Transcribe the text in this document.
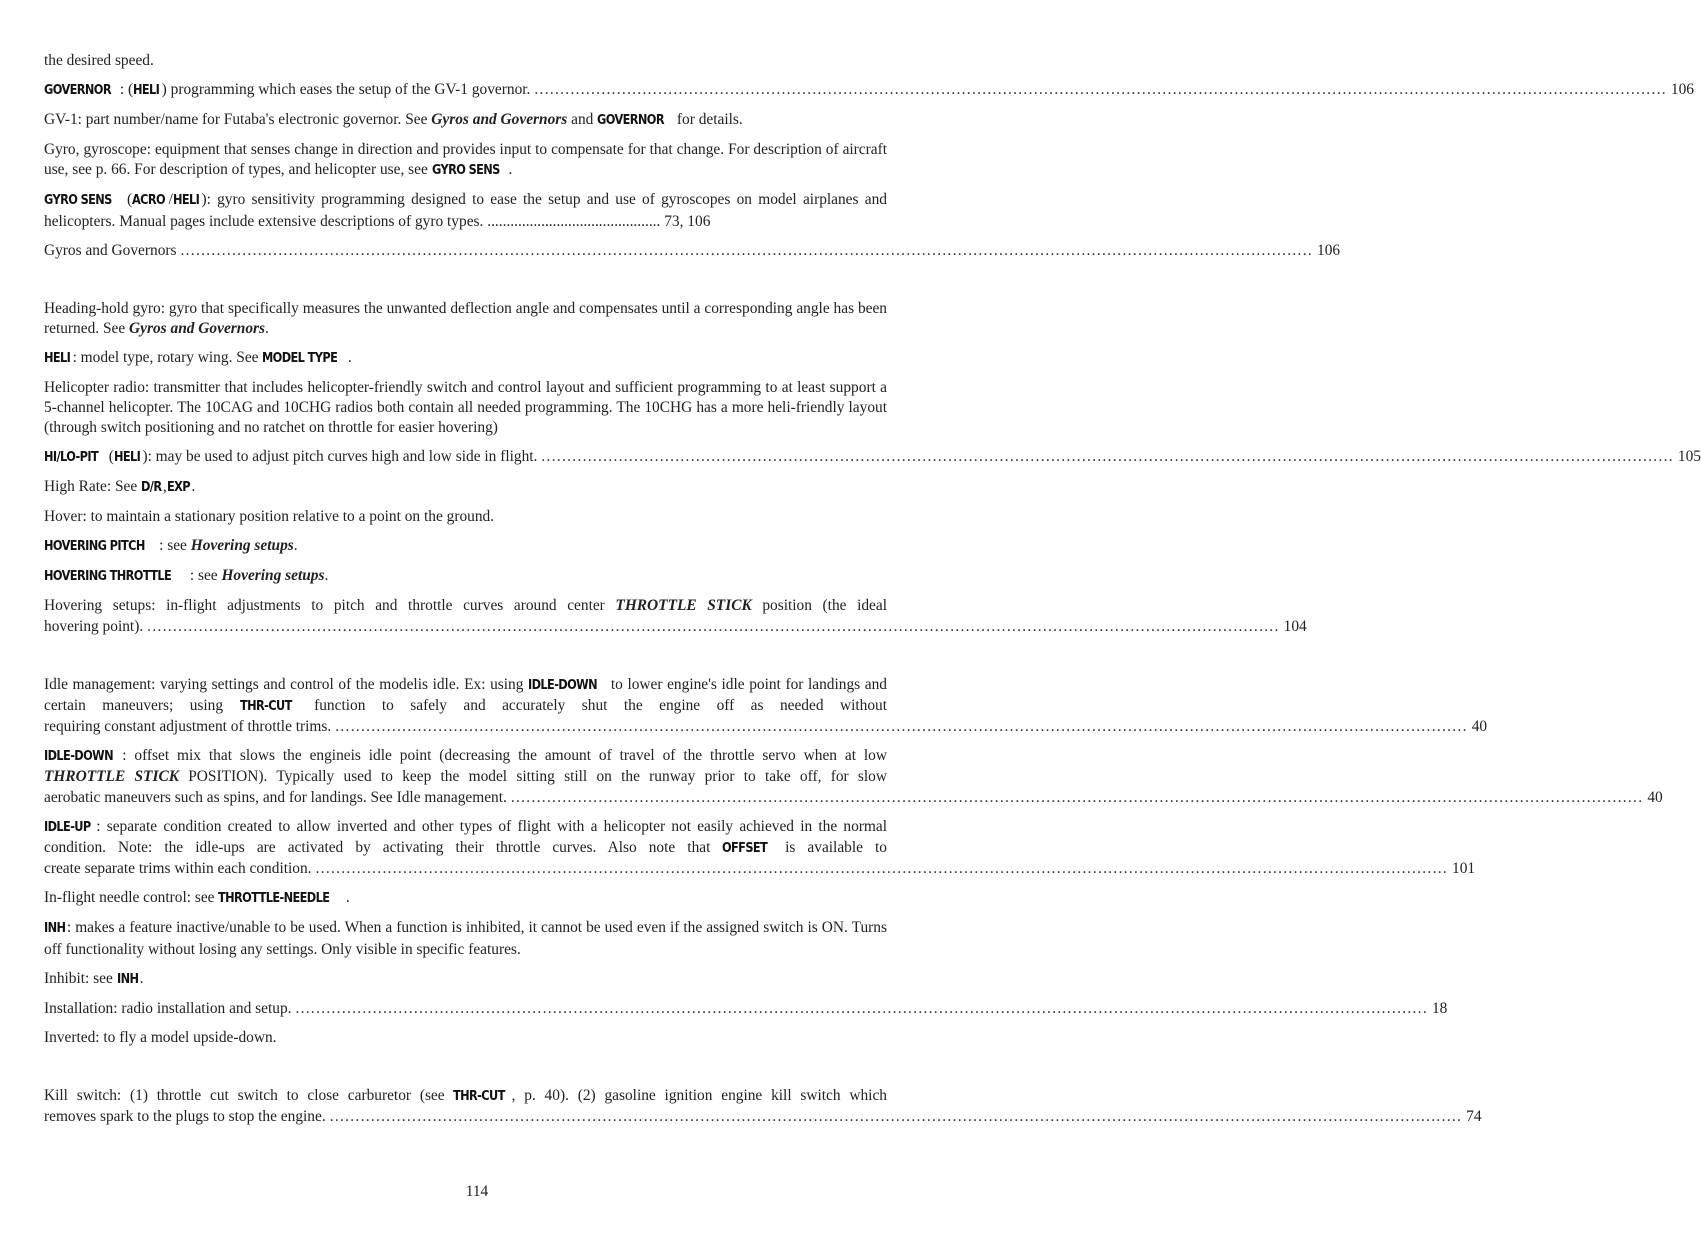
the desired speed.

GOVERNOR : (HELI ) programming which eases the setup of the GV-1 governor. ............................................................................................................................................................................................................................ 106

GV-1: part number/name for Futaba's electronic governor. See Gyros and Governors and GOVERNOR for details.

Gyro, gyroscope: equipment that senses change in direction and provides input to compensate for that change. For description of aircraft use, see p. 66. For description of types, and helicopter use, see GYRO SENS .

GYRO SENS (ACRO /HELI ): gyro sensitivity programming designed to ease the setup and use of gyroscopes on model airplanes and helicopters. Manual pages include extensive descriptions of gyro types. ............................................. 73, 106

Gyros and Governors ............................................................................................................................................................................................................................ 106

Heading-hold gyro: gyro that specifically measures the unwanted deflection angle and compensates until a corresponding angle has been returned. See Gyros and Governors.

HELI : model type, rotary wing. See MODEL TYPE .

Helicopter radio: transmitter that includes helicopter-friendly switch and control layout and sufficient programming to at least support a 5-channel helicopter. The 10CAG and 10CHG radios both contain all needed programming. The 10CHG has a more heli-friendly layout (through switch positioning and no ratchet on throttle for easier hovering)

HI/LO-PIT (HELI ): may be used to adjust pitch curves high and low side in flight. ............................................................................................................................................................................................................................ 105

High Rate: See D/R,EXP .

Hover: to maintain a stationary position relative to a point on the ground.

HOVERING PITCH : see Hovering setups.

HOVERING THROTTLE : see Hovering setups.

Hovering setups: in-flight adjustments to pitch and throttle curves around center THROTTLE STICK position (the ideal
hovering point). ............................................................................................................................................................................................................................ 104

Idle management: varying settings and control of the modelis idle. Ex: using IDLE-DOWN to lower engine's idle point for landings and certain maneuvers; using THR-CUT function to safely and accurately shut the engine off as needed without
requiring constant adjustment of throttle trims. ............................................................................................................................................................................................................................ 40

IDLE-DOWN : offset mix that slows the engineis idle point (decreasing the amount of travel of the throttle servo when at low THROTTLE STICK POSITION). Typically used to keep the model sitting still on the runway prior to take off, for slow
aerobatic maneuvers such as spins, and for landings. See Idle management. ............................................................................................................................................................................................................................ 40

IDLE-UP : separate condition created to allow inverted and other types of flight with a helicopter not easily achieved in the normal condition. Note: the idle-ups are activated by activating their throttle curves. Also note that OFFSET is available to
create separate trims within each condition. ............................................................................................................................................................................................................................ 101

In-flight needle control: see THROTTLE-NEEDLE .

INH: makes a feature inactive/unable to be used. When a function is inhibited, it cannot be used even if the assigned switch is ON. Turns off functionality without losing any settings. Only visible in specific features.

Inhibit: see INH.

Installation: radio installation and setup. ............................................................................................................................................................................................................................ 18

Inverted: to fly a model upside-down.

Kill switch: (1) throttle cut switch to close carburetor (see THR-CUT , p. 40). (2) gasoline ignition engine kill switch which
removes spark to the plugs to stop the engine. ............................................................................................................................................................................................................................ 74

114
